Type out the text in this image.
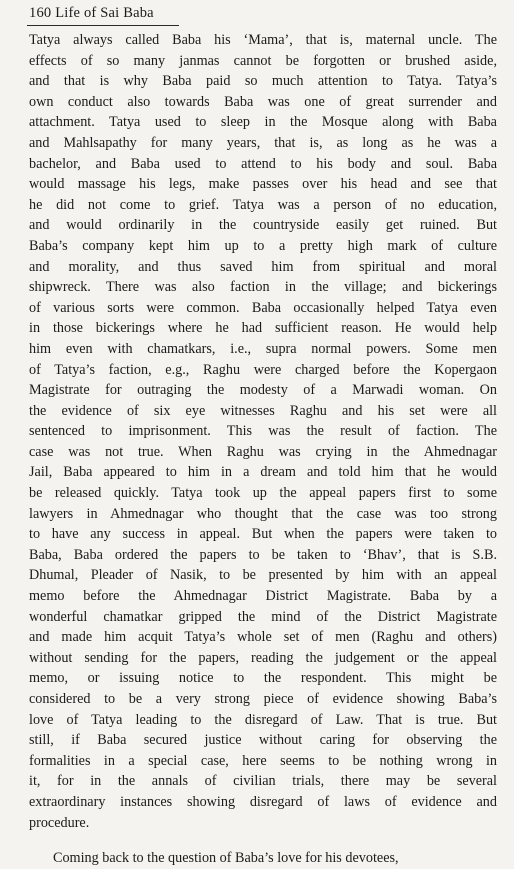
160 Life of Sai Baba
Tatya always called Baba his ‘Mama’, that is, maternal uncle. The
effects of so many janmas cannot be forgotten or brushed aside,
and that is why Baba paid so much attention to Tatya. Tatya’s
own conduct also towards Baba was one of great surrender and
attachment. Tatya used to sleep in the Mosque along with Baba
and Mahlsapathy for many years, that is, as long as he was a
bachelor, and Baba used to attend to his body and soul. Baba
would massage his legs, make passes over his head and see that
he did not come to grief. Tatya was a person of no education,
and would ordinarily in the countryside easily get ruined. But
Baba’s company kept him up to a pretty high mark of culture
and morality, and thus saved him from spiritual and moral
shipwreck. There was also faction in the village; and bickerings
of various sorts were common. Baba occasionally helped Tatya even
in those bickerings where he had sufficient reason. He would help
him even with chamatkars, i.e., supra normal powers. Some men
of Tatya’s faction, e.g., Raghu were charged before the Kopergaon
Magistrate for outraging the modesty of a Marwadi woman. On
the evidence of six eye witnesses Raghu and his set were all
sentenced to imprisonment. This was the result of faction. The
case was not true. When Raghu was crying in the Ahmednagar
Jail, Baba appeared to him in a dream and told him that he would
be released quickly. Tatya took up the appeal papers first to some
lawyers in Ahmednagar who thought that the case was too strong
to have any success in appeal. But when the papers were taken to
Baba, Baba ordered the papers to be taken to ‘Bhav’, that is S.B.
Dhumal, Pleader of Nasik, to be presented by him with an appeal
memo before the Ahmednagar District Magistrate. Baba by a
wonderful chamatkar gripped the mind of the District Magistrate
and made him acquit Tatya’s whole set of men (Raghu and others)
without sending for the papers, reading the judgement or the appeal
memo, or issuing notice to the respondent. This might be
considered to be a very strong piece of evidence showing Baba’s
love of Tatya leading to the disregard of Law. That is true. But
still, if Baba secured justice without caring for observing the
formalities in a special case, here seems to be nothing wrong in
it, for in the annals of civilian trials, there may be several
extraordinary instances showing disregard of laws of evidence and
procedure.
Coming back to the question of Baba’s love for his devotees,
